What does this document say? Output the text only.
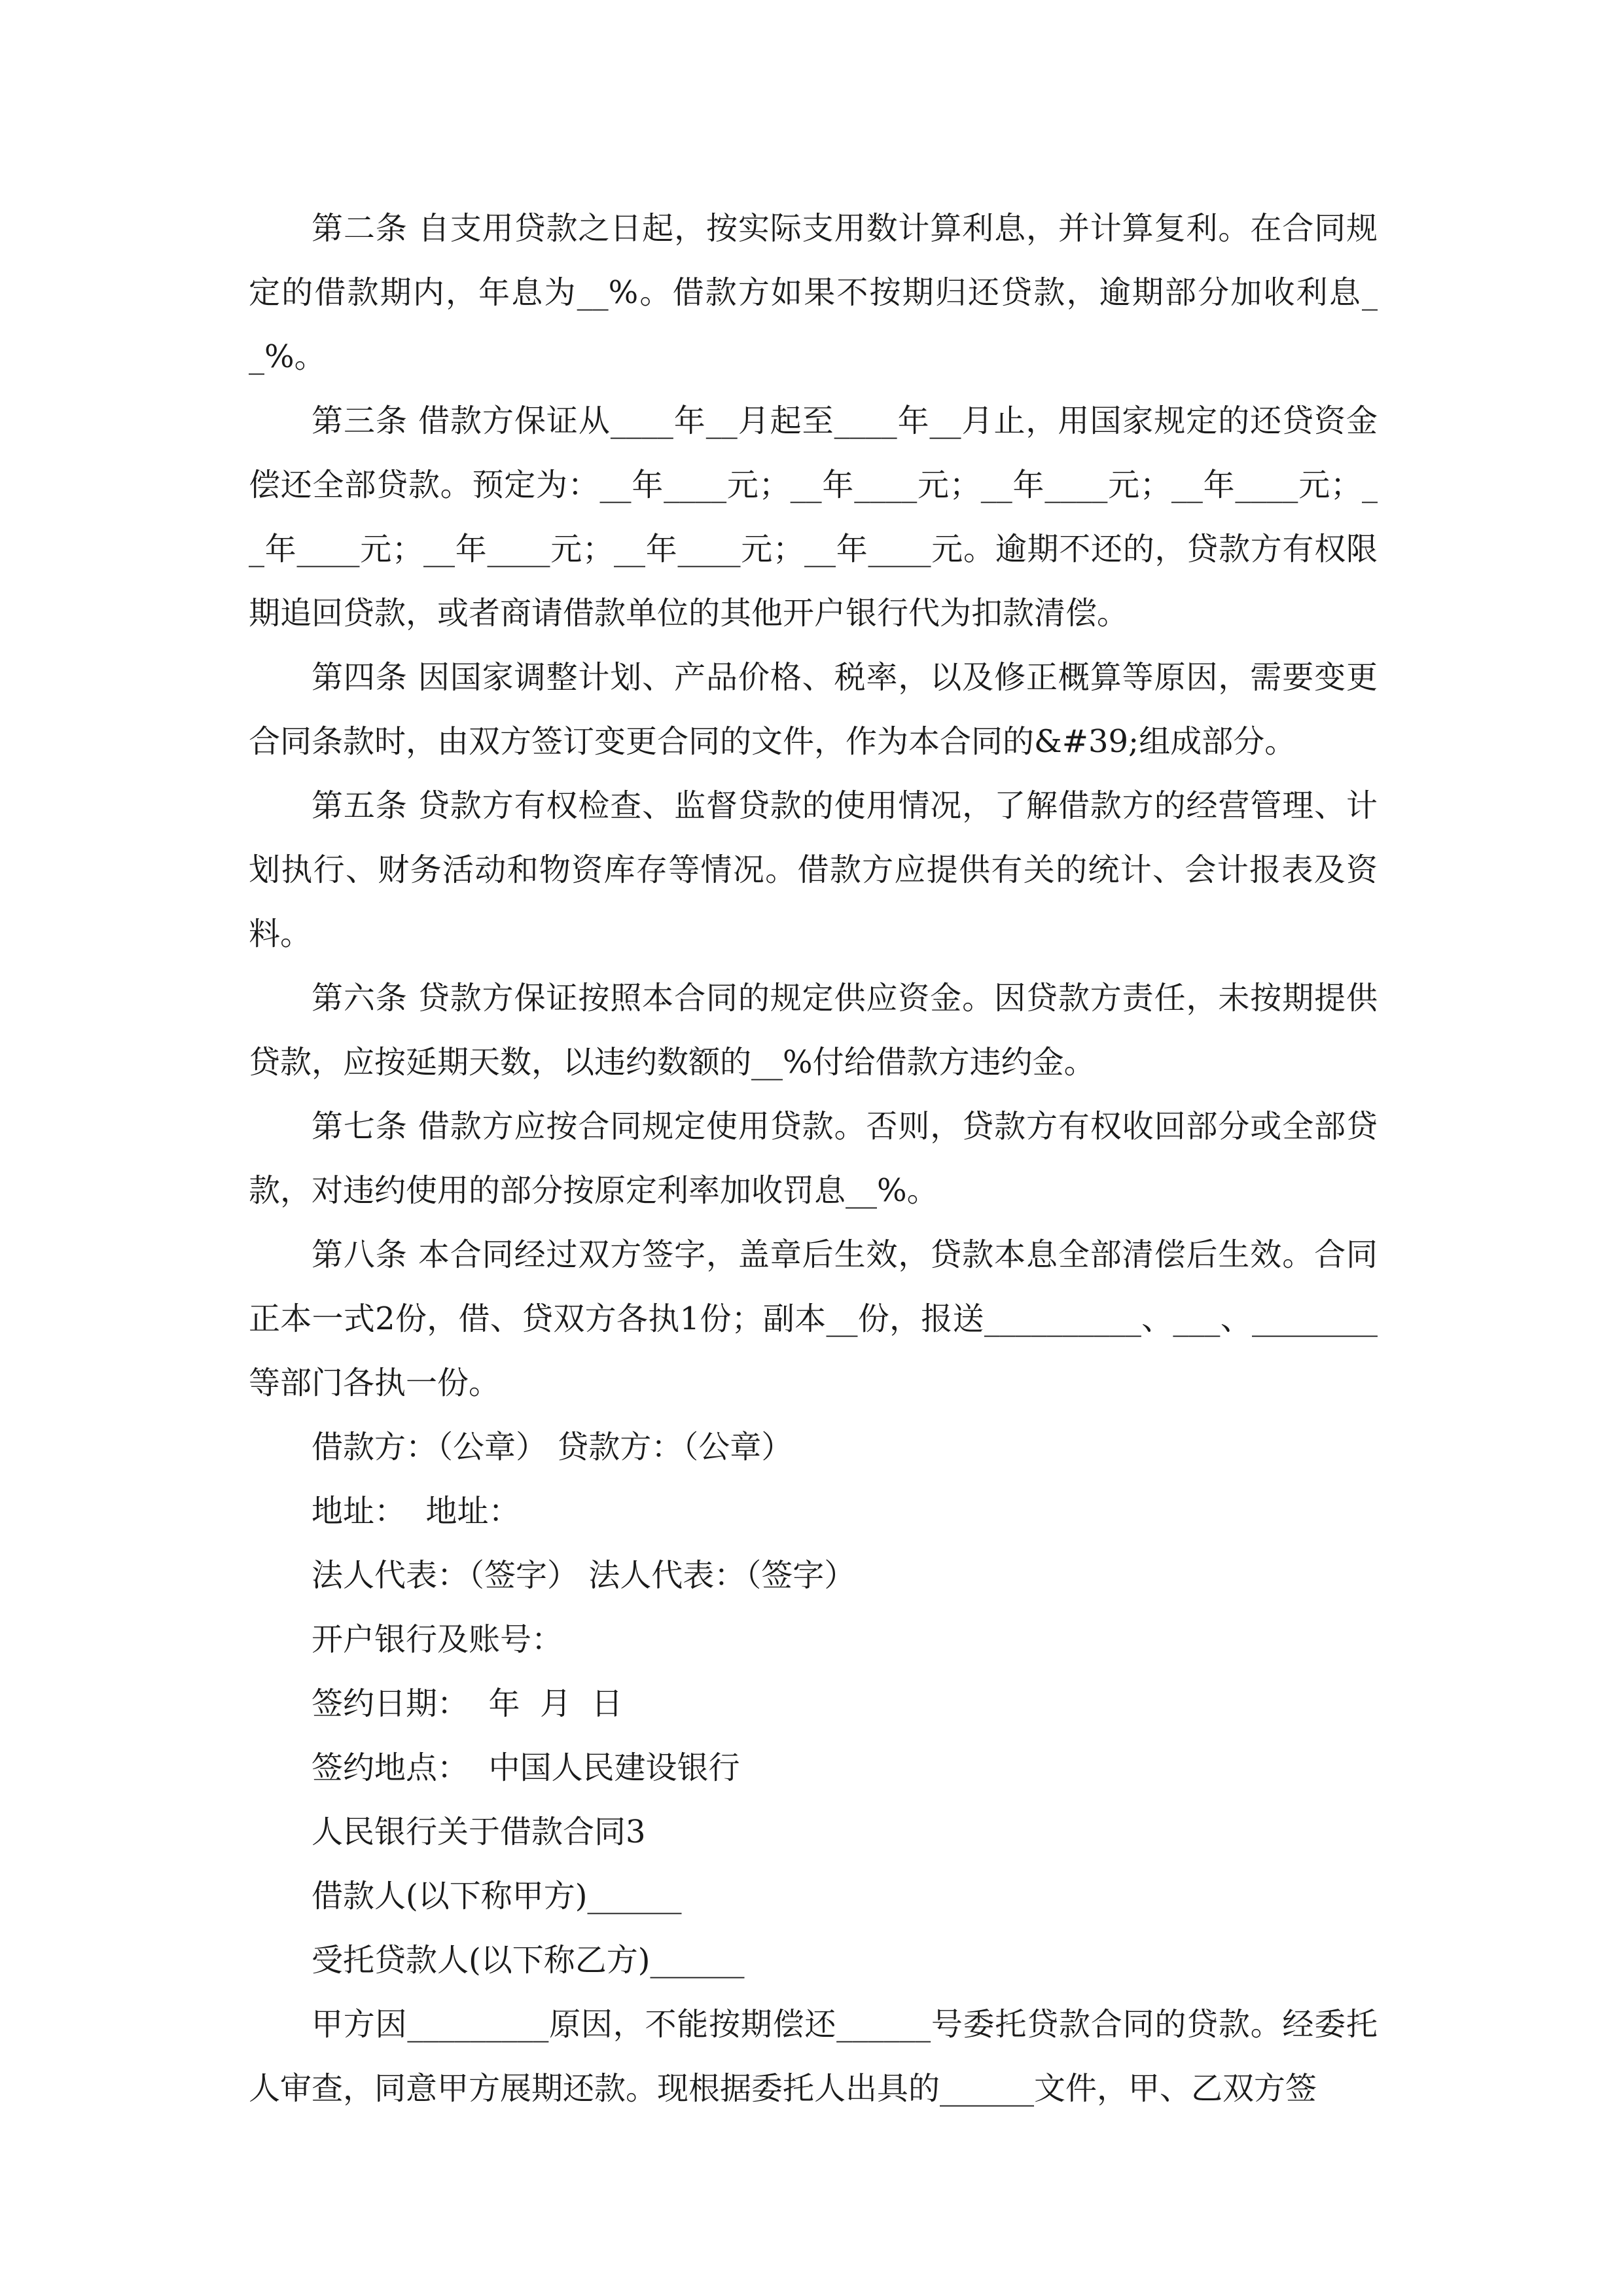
第二条 自支用贷款之日起，按实际支用数计算利息，并计算复利。在合同规定的借款期内，年息为__%。借款方如果不按期归还贷款，逾期部分加收利息__%。

第三条 借款方保证从____年__月起至____年__月止，用国家规定的还贷资金偿还全部贷款。预定为：__年____元；__年____元；__年____元；__年____元；__年____元；__年____元；__年____元；__年____元。逾期不还的，贷款方有权限期追回贷款，或者商请借款单位的其他开户银行代为扣款清偿。

第四条 因国家调整计划、产品价格、税率，以及修正概算等原因，需要变更合同条款时，由双方签订变更合同的文件，作为本合同的&#39;组成部分。

第五条 贷款方有权检查、监督贷款的使用情况，了解借款方的经营管理、计划执行、财务活动和物资库存等情况。借款方应提供有关的统计、会计报表及资料。

第六条 贷款方保证按照本合同的规定供应资金。因贷款方责任，未按期提供贷款，应按延期天数，以违约数额的__%付给借款方违约金。

第七条 借款方应按合同规定使用贷款。否则，贷款方有权收回部分或全部贷款，对违约使用的部分按原定利率加收罚息__%。

第八条 本合同经过双方签字，盖章后生效，贷款本息全部清偿后生效。合同正本一式2份，借、贷双方各执1份；副本__份，报送__________、___、________等部门各执一份。

借款方：（公章） 贷款方：（公章）

地址：  地址：

法人代表：（签字） 法人代表：（签字）

开户银行及账号：

签约日期：  年  月  日

签约地点：  中国人民建设银行

人民银行关于借款合同3

借款人(以下称甲方)______

受托贷款人(以下称乙方)______

甲方因_________原因，不能按期偿还______号委托贷款合同的贷款。经委托人审查，同意甲方展期还款。现根据委托人出具的______文件，甲、乙双方签
